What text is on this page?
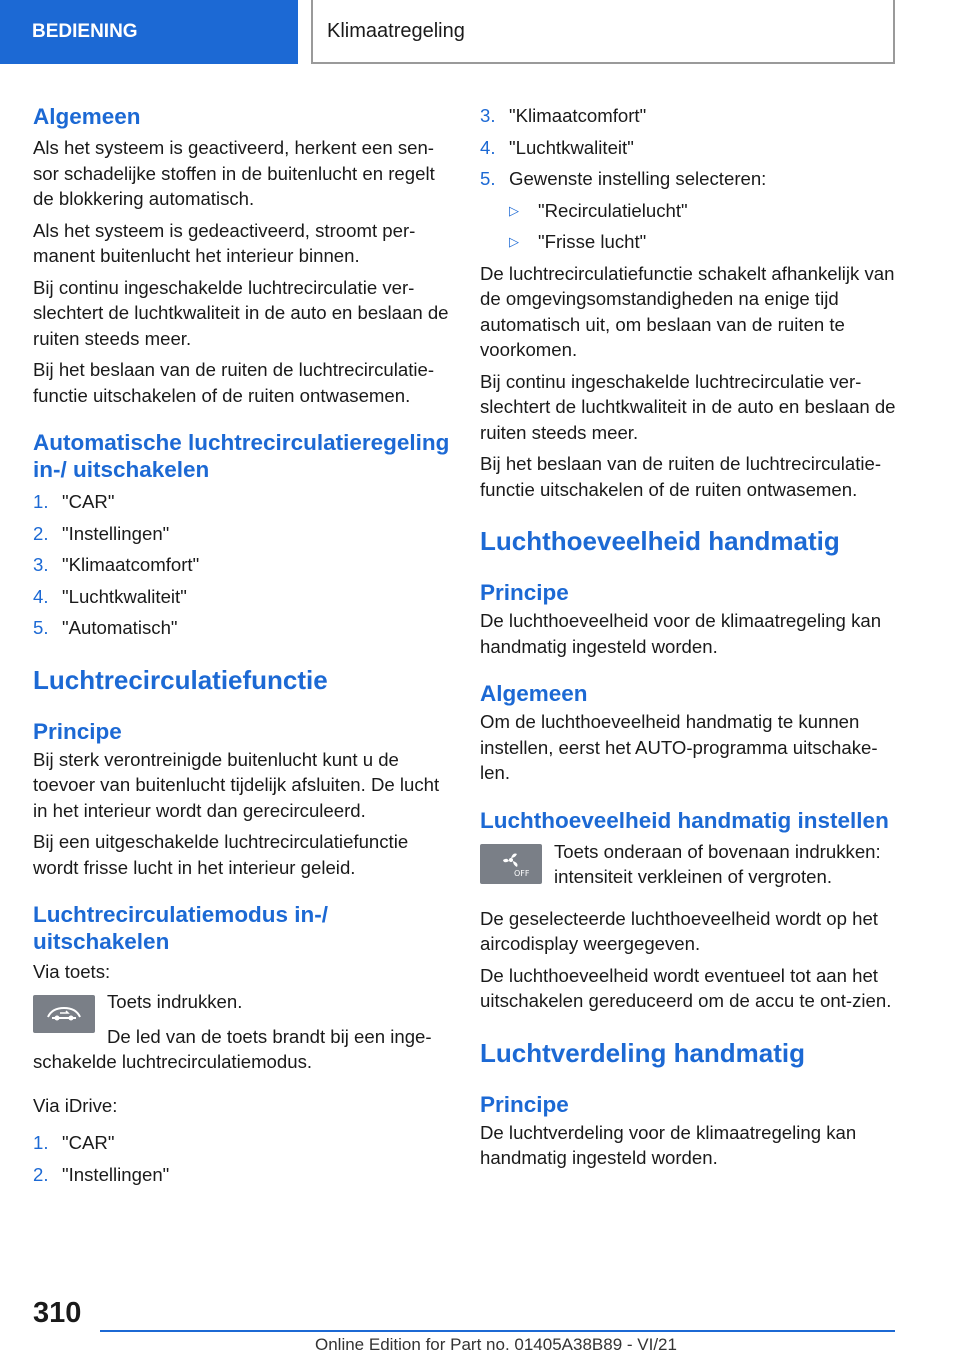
BEDIENING	Klimaatregeling
Algemeen

Als het systeem is geactiveerd, herkent een sen-sor schadelijke stoffen in de buitenlucht en regelt de blokkering automatisch.

Als het systeem is gedeactiveerd, stroomt per-manent buitenlucht het interieur binnen.

Bij continu ingeschakelde luchtrecirculatie ver-slechtert de luchtkwaliteit in de auto en beslaan de ruiten steeds meer.

Bij het beslaan van de ruiten de luchtrecirculatie-functie uitschakelen of de ruiten ontwasemen.

Automatische luchtrecirculatieregeling in-/ uitschakelen
1. "CAR"
2. "Instellingen"
3. "Klimaatcomfort"
4. "Luchtkwaliteit"
5. "Automatisch"
Luchtrecirculatiefunctie
Principe

Bij sterk verontreinigde buitenlucht kunt u de toevoer van buitenlucht tijdelijk afsluiten. De lucht in het interieur wordt dan gerecirculeerd.

Bij een uitgeschakelde luchtrecirculatiefunctie wordt frisse lucht in het interieur geleid.

Luchtrecirculatiemodus in-/ uitschakelen

Via toets:

Toets indrukken.

De led van de toets brandt bij een inge-schakelde luchtrecirculatiemodus.

Via iDrive:

1. "CAR"
2. "Instellingen"
3. "Klimaatcomfort"
4. "Luchtkwaliteit"
5. Gewenste instelling selecteren:
▷	"Recirculatielucht"
▷	"Frisse lucht"

De luchtrecirculatiefunctie schakelt afhankelijk van de omgevingsomstandigheden na enige tijd automatisch uit, om beslaan van de ruiten te voorkomen.

Bij continu ingeschakelde luchtrecirculatie ver-slechtert de luchtkwaliteit in de auto en beslaan de ruiten steeds meer.

Bij het beslaan van de ruiten de luchtrecirculatie-functie uitschakelen of de ruiten ontwasemen.

Luchthoeveelheid handmatig
Principe

De luchthoeveelheid voor de klimaatregeling kan handmatig ingesteld worden.

Algemeen

Om de luchthoeveelheid handmatig te kunnen instellen, eerst het AUTO-programma uitschake-len.

Luchthoeveelheid handmatig instellen
OFF

Toets onderaan of bovenaan indrukken: intensiteit verkleinen of vergroten.

De geselecteerde luchthoeveelheid wordt op het aircodisplay weergegeven.

De luchthoeveelheid wordt eventueel tot aan het uitschakelen gereduceerd om de accu te ont-zien.

Luchtverdeling handmatig
Principe

De luchtverdeling voor de klimaatregeling kan handmatig ingesteld worden.

310
Online Edition for Part no. 01405A38B89 - VI/21
